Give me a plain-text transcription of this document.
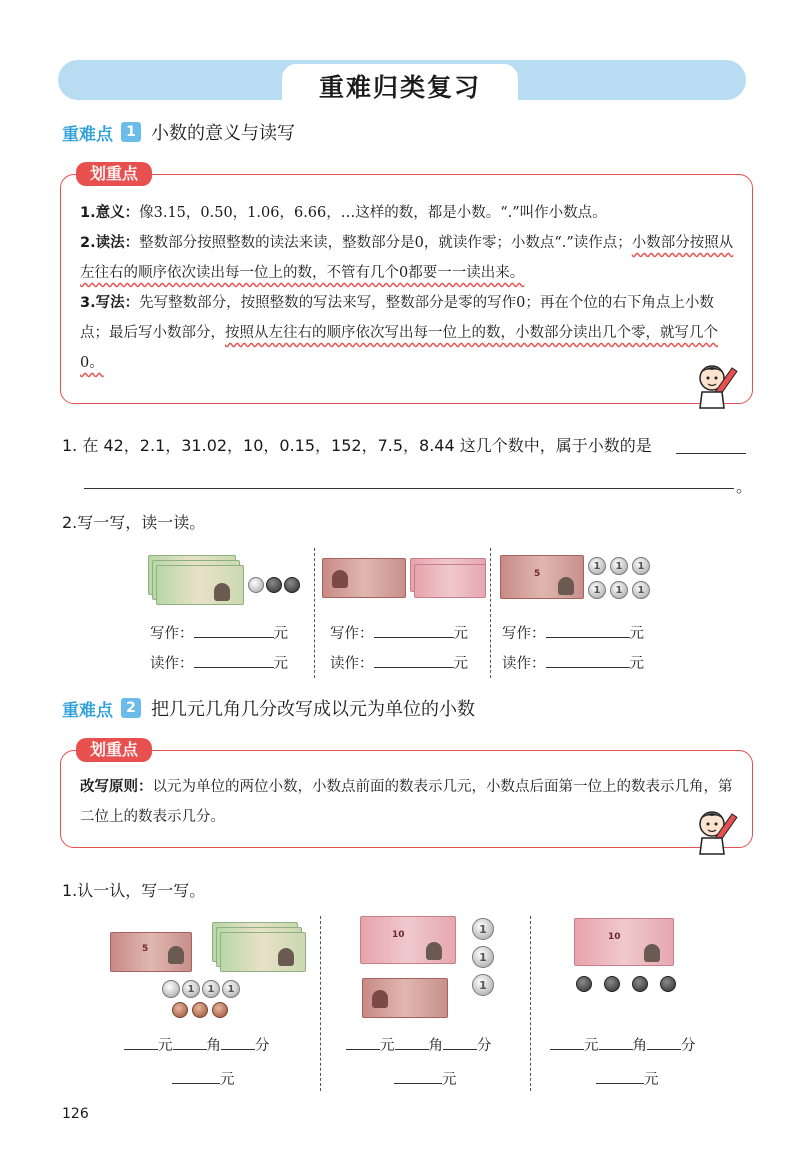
重难归类复习
重难点 1 小数的意义与读写
划重点
1.意义：像3.15，0.50，1.06，6.66，…这样的数，都是小数。“.”叫作小数点。
2.读法：整数部分按照整数的读法来读，整数部分是0，就读作零；小数点“.”读作点；小数部分按照从左往右的顺序依次读出每一位上的数，不管有几个0都要一一读出来。
3.写法：先写整数部分，按照整数的写法来写，整数部分是零的写作0；再在个位的右下角点上小数点；最后写小数部分，按照从左往右的顺序依次写出每一位上的数，小数部分读出几个零，就写几个0。
1. 在 42，2.1，31.02，10，0.15，152，7.5，8.44 这几个数中，属于小数的是
。
2.写一写，读一读。
5
1	1	1
1	1	1
写作：	元
读作：	元
写作：	元
读作：	元
写作：	元
读作：	元
重难点 2 把几元几角几分改写成以元为单位的小数
划重点
改写原则：以元为单位的两位小数，小数点前面的数表示几元，小数点后面第一位上的数表示几角，第二位上的数表示几分。
1.认一认，写一写。
5
1	1	1
10	1
1
1
10
元 角 分
元
元 角 分
元
元 角 分
元
126
